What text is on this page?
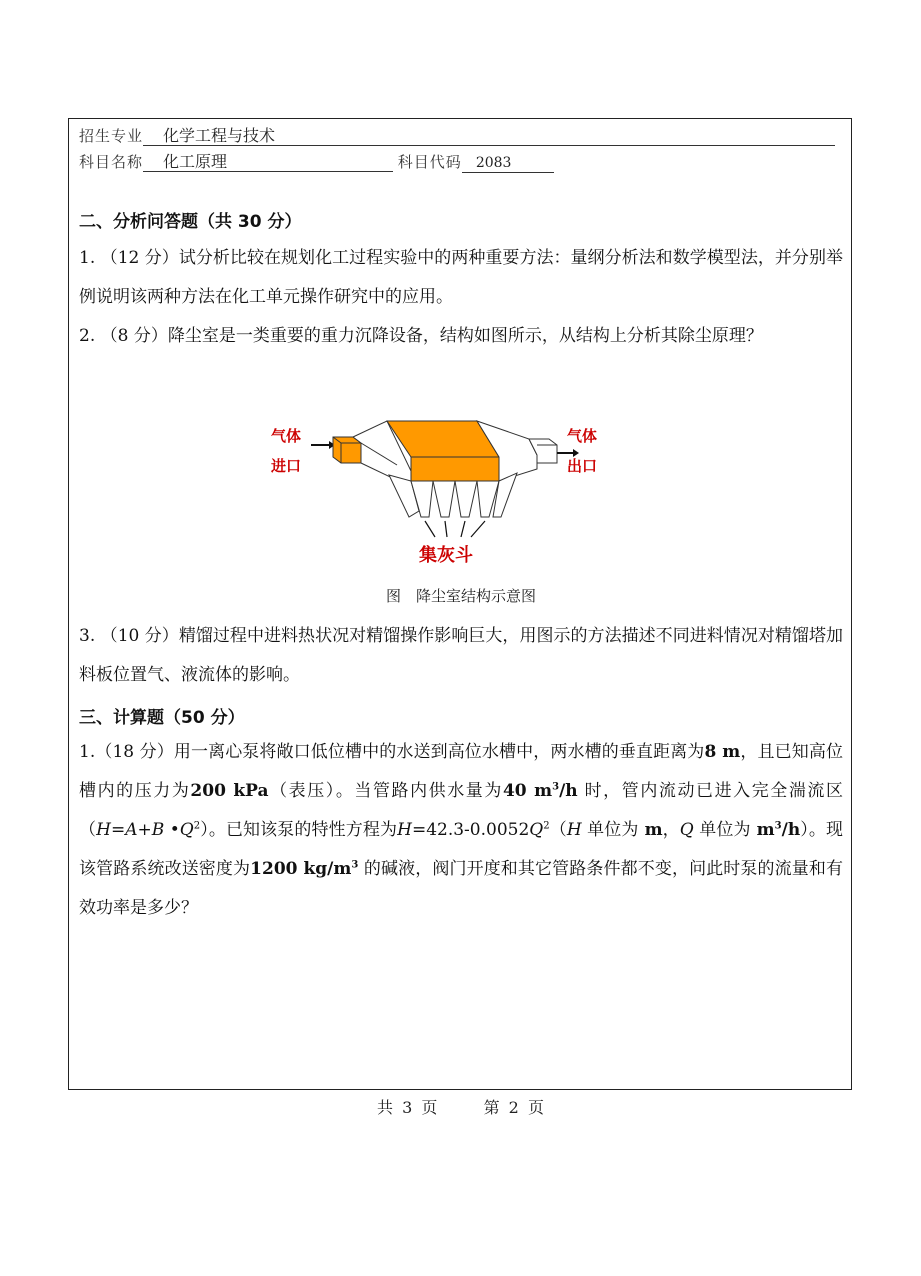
招生专业 化学工程与技术
科目名称 化工原理	科目代码 2083
二、分析问答题（共 30 分）
1. （12 分）试分析比较在规划化工过程实验中的两种重要方法：量纲分析法和数学模型法，并分别举例说明该两种方法在化工单元操作研究中的应用。
2. （8 分）降尘室是一类重要的重力沉降设备，结构如图所示，从结构上分析其除尘原理？
气体
进口
气体
出口
集灰斗
图　降尘室结构示意图
3. （10 分）精馏过程中进料热状况对精馏操作影响巨大，用图示的方法描述不同进料情况对精馏塔加料板位置气、液流体的影响。
三、计算题（50 分）
1.（18 分）用一离心泵将敞口低位槽中的水送到高位水槽中，两水槽的垂直距离为8 m，且已知高位槽内的压力为200 kPa（表压）。当管路内供水量为40 $m^3/h$ 时，管内流动已进入完全湍流区（H=A+B $•Q^2$）。已知该泵的特性方程为$H=42.3-0.0052Q^2(H$ 单位为 m，Q 单位为 $m^3/h$）。现该管路系统改送密度为1200 $kg/m^3$ 的碱液，阀门开度和其它管路条件都不变，问此时泵的流量和有效功率是多少？
共 3 页	第 2 页
